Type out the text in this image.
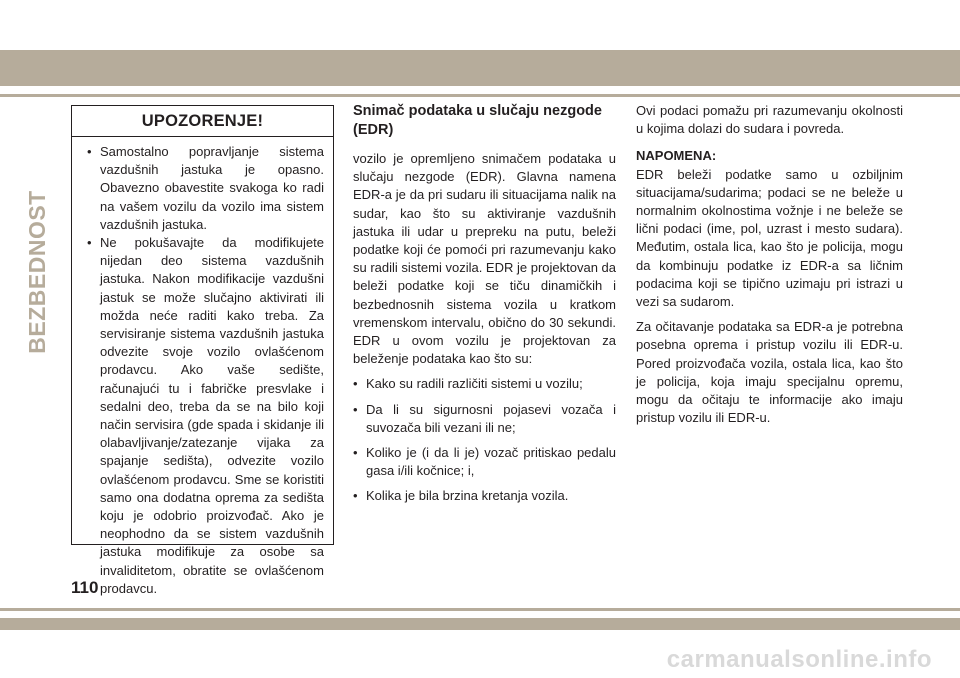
BEZBEDNOST
UPOZORENJE!
• Samostalno popravljanje sistema vazdušnih jastuka je opasno. Obavezno obavestite svakoga ko radi na vašem vozilu da vozilo ima sistem vazdušnih jastuka.
• Ne pokušavajte da modifikujete nijedan deo sistema vazdušnih jastuka. Nakon modifikacije vazdušni jastuk se može slučajno aktivirati ili možda neće raditi kako treba. Za servisiranje sistema vazdušnih jastuka odvezite svoje vozilo ovlašćenom prodavcu. Ako vaše sedište, računajući tu i fabričke presvlake i sedalni deo, treba da se na bilo koji način servisira (gde spada i skidanje ili olabavljivanje/zatezanje vijaka za spajanje sedišta), odvezite vozilo ovlašćenom prodavcu. Sme se koristiti samo ona dodatna oprema za sedišta koju je odobrio proizvođač. Ako je neophodno da se sistem vazdušnih jastuka modifikuje za osobe sa invaliditetom, obratite se ovlašćenom prodavcu.
Snimač podataka u slučaju nezgode (EDR)

vozilo je opremljeno snimačem podataka u slučaju nezgode (EDR). Glavna namena EDR-a je da pri sudaru ili situacijama nalik na sudar, kao što su aktiviranje vazdušnih jastuka ili udar u prepreku na putu, beleži podatke koji će pomoći pri razumevanju kako su radili sistemi vozila. EDR je projektovan da beleži podatke koji se tiču dinamičkih i bezbednosnih sistema vozila u kratkom vremenskom intervalu, obično do 30 sekundi. EDR u ovom vozilu je projektovan za beleženje podataka kao što su:

• Kako su radili različiti sistemi u vozilu;
• Da li su sigurnosni pojasevi vozača i suvozača bili vezani ili ne;
• Koliko je (i da li je) vozač pritiskao pedalu gasa i/ili kočnice; i,
• Kolika je bila brzina kretanja vozila.

Ovi podaci pomažu pri razumevanju okolnosti u kojima dolazi do sudara i povreda.

NAPOMENA:

EDR beleži podatke samo u ozbiljnim situacijama/sudarima; podaci se ne beleže u normalnim okolnostima vožnje i ne beleže se lični podaci (ime, pol, uzrast i mesto sudara). Međutim, ostala lica, kao što je policija, mogu da kombinuju podatke iz EDR-a sa ličnim podacima koji se tipično uzimaju pri istrazi u vezi sa sudarom.

Za očitavanje podataka sa EDR-a je potrebna posebna oprema i pristup vozilu ili EDR-u. Pored proizvođača vozila, ostala lica, kao što je policija, koja imaju specijalnu opremu, mogu da očitaju te informacije ako imaju pristup vozilu ili EDR-u.

110
carmanualsonline.info
